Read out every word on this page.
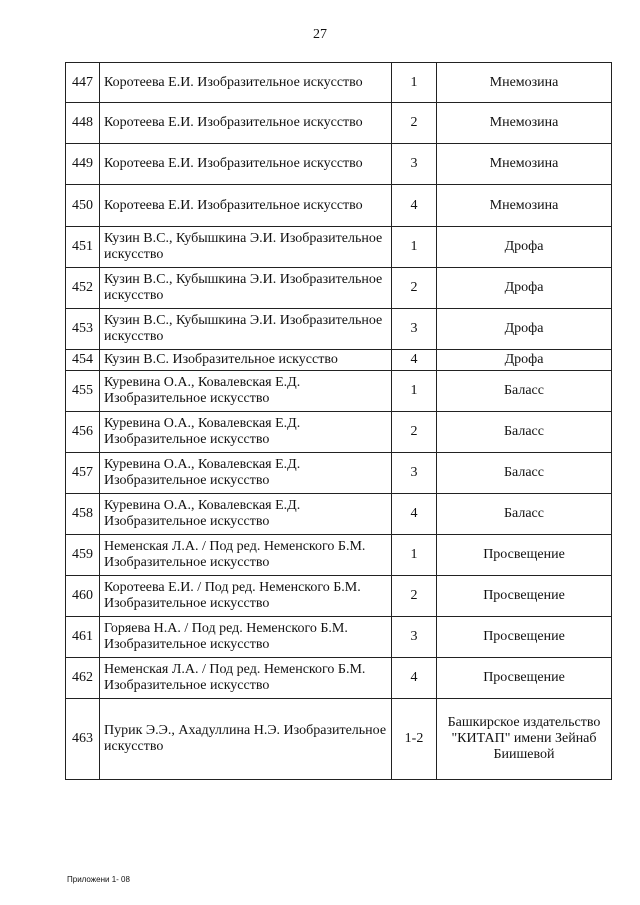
27
447	Коротеева Е.И. Изобразительное искусство	1	Мнемозина
448	Коротеева Е.И. Изобразительное искусство	2	Мнемозина
449	Коротеева Е.И. Изобразительное искусство	3	Мнемозина
450	Коротеева Е.И. Изобразительное искусство	4	Мнемозина
451	Кузин В.С., Кубышкина Э.И. Изобразительное искусство	1	Дрофа
452	Кузин В.С., Кубышкина Э.И. Изобразительное искусство	2	Дрофа
453	Кузин В.С., Кубышкина Э.И. Изобразительное искусство	3	Дрофа
454	Кузин В.С. Изобразительное искусство	4	Дрофа
455	Куревина О.А., Ковалевская Е.Д. Изобразительное искусство	1	Баласс
456	Куревина О.А., Ковалевская Е.Д. Изобразительное искусство	2	Баласс
457	Куревина О.А., Ковалевская Е.Д. Изобразительное искусство	3	Баласс
458	Куревина О.А., Ковалевская Е.Д. Изобразительное искусство	4	Баласс
459	Неменская Л.А. / Под ред. Неменского Б.М. Изобразительное искусство	1	Просвещение
460	Коротеева Е.И. / Под ред. Неменского Б.М. Изобразительное искусство	2	Просвещение
461	Горяева Н.А. / Под ред. Неменского Б.М. Изобразительное искусство	3	Просвещение
462	Неменская Л.А. / Под ред. Неменского Б.М. Изобразительное искусство	4	Просвещение
463	Пурик Э.Э., Ахадуллина Н.Э. Изобразительное искусство	1-2	Башкирское издательство "КИТАП" имени Зейнаб Биишевой
Приложени 1- 08
